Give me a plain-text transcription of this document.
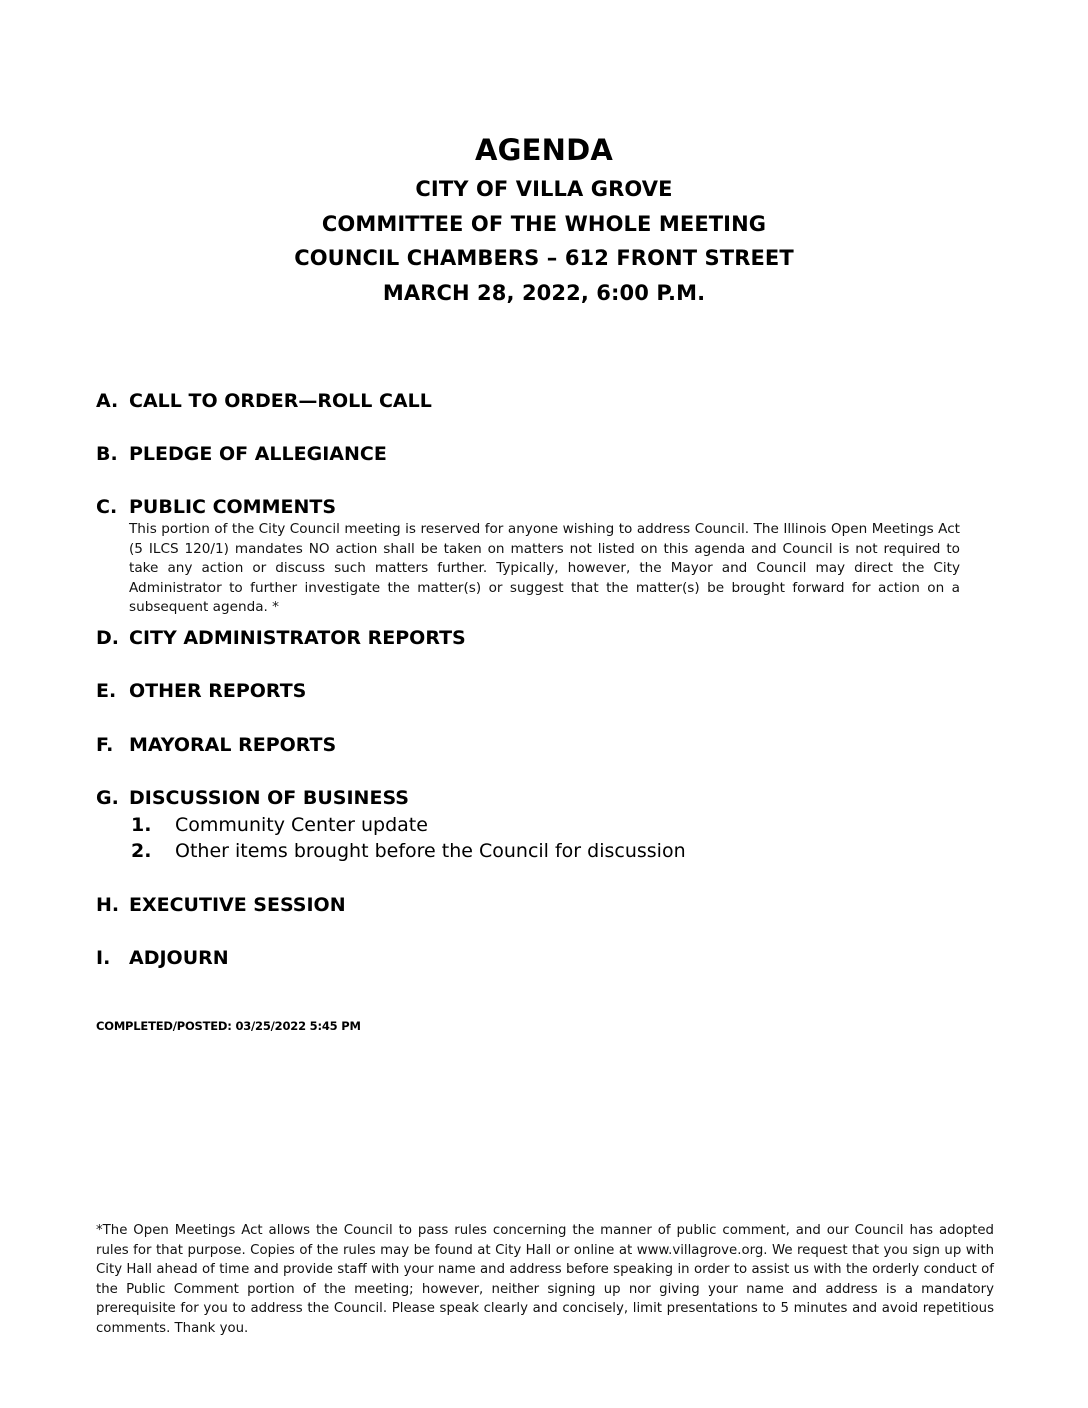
AGENDA
CITY OF VILLA GROVE
COMMITTEE OF THE WHOLE MEETING
COUNCIL CHAMBERS – 612 FRONT STREET
MARCH 28, 2022, 6:00 P.M.
A. CALL TO ORDER—ROLL CALL
B. PLEDGE OF ALLEGIANCE
C. PUBLIC COMMENTS
This portion of the City Council meeting is reserved for anyone wishing to address Council. The Illinois Open Meetings Act (5 ILCS 120/1) mandates NO action shall be taken on matters not listed on this agenda and Council is not required to take any action or discuss such matters further. Typically, however, the Mayor and Council may direct the City Administrator to further investigate the matter(s) or suggest that the matter(s) be brought forward for action on a subsequent agenda. *
D. CITY ADMINISTRATOR REPORTS
E. OTHER REPORTS
F. MAYORAL REPORTS
G. DISCUSSION OF BUSINESS
1.	Community Center update
2.	Other items brought before the Council for discussion
H. EXECUTIVE SESSION
I. ADJOURN
COMPLETED/POSTED: 03/25/2022 5:45 PM
*The Open Meetings Act allows the Council to pass rules concerning the manner of public comment, and our Council has adopted rules for that purpose. Copies of the rules may be found at City Hall or online at www.villagrove.org. We request that you sign up with City Hall ahead of time and provide staff with your name and address before speaking in order to assist us with the orderly conduct of the Public Comment portion of the meeting; however, neither signing up nor giving your name and address is a mandatory prerequisite for you to address the Council. Please speak clearly and concisely, limit presentations to 5 minutes and avoid repetitious comments. Thank you.
